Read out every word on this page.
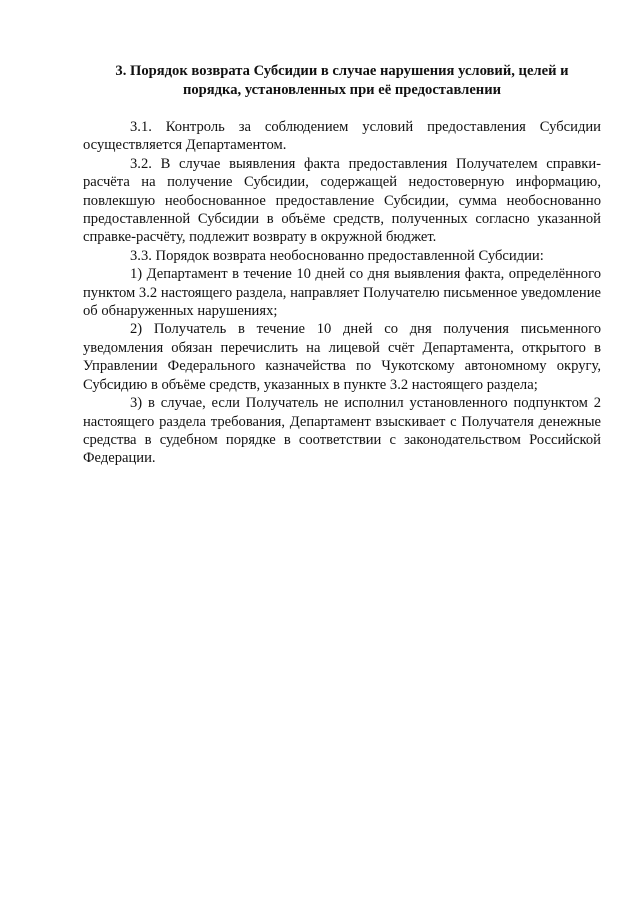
3. Порядок возврата Субсидии в случае нарушения условий, целей и порядка, установленных при её предоставлении

3.1. Контроль за соблюдением условий предоставления Субсидии осуществляется Департаментом.

3.2. В случае выявления факта предоставления Получателем справки-расчёта на получение Субсидии, содержащей недостоверную информацию, повлекшую необоснованное предоставление Субсидии, сумма необоснованно предоставленной Субсидии в объёме средств, полученных согласно указанной справке-расчёту, подлежит возврату в окружной бюджет.

3.3. Порядок возврата необоснованно предоставленной Субсидии:

1) Департамент в течение 10 дней со дня выявления факта, определённого пунктом 3.2 настоящего раздела, направляет Получателю письменное уведомление об обнаруженных нарушениях;

2) Получатель в течение 10 дней со дня получения письменного уведомления обязан перечислить на лицевой счёт Департамента, открытого в Управлении Федерального казначейства по Чукотскому автономному округу, Субсидию в объёме средств, указанных в пункте 3.2 настоящего раздела;

3) в случае, если Получатель не исполнил установленного подпунктом 2 настоящего раздела требования, Департамент взыскивает с Получателя денежные средства в судебном порядке в соответствии с законодательством Российской Федерации.
